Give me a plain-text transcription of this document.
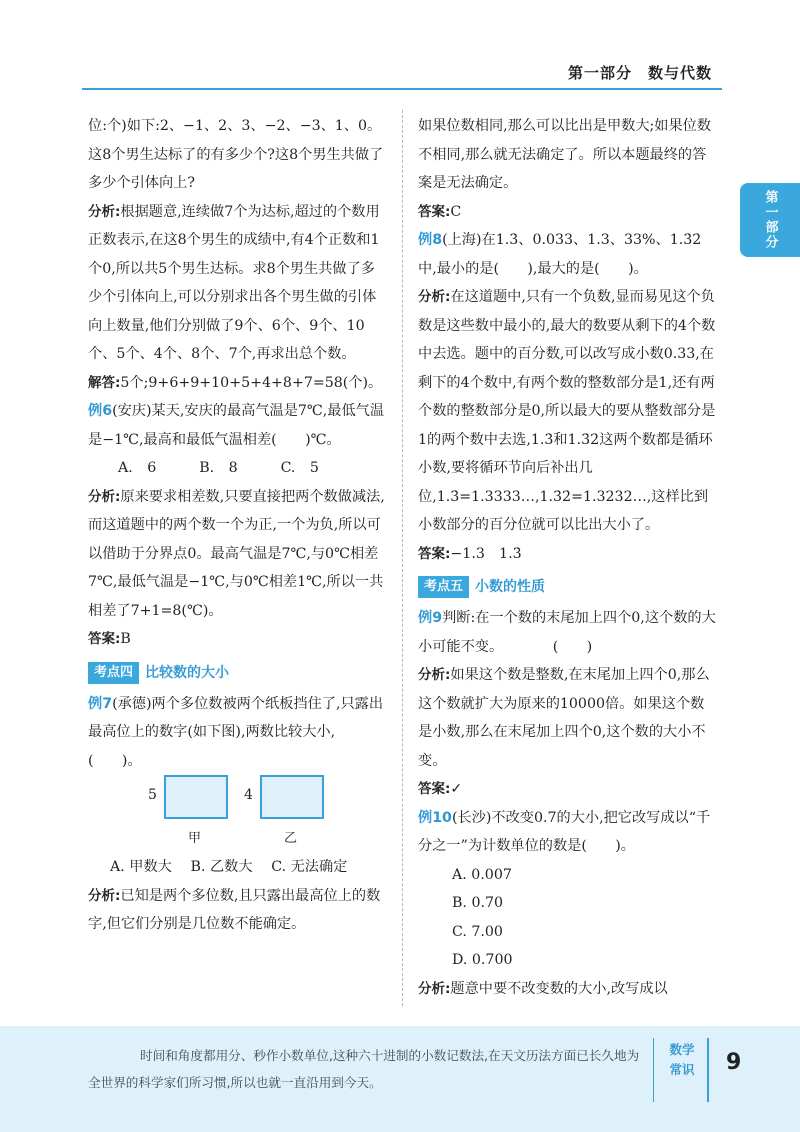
第一部分　数与代数
第一部分

位:个)如下:2、−1、2、3、−2、−3、1、0。这8个男生达标了的有多少个?这8个男生共做了多少个引体向上?

分析:根据题意,连续做7个为达标,超过的个数用正数表示,在这8个男生的成绩中,有4个正数和1个0,所以共5个男生达标。求8个男生共做了多少个引体向上,可以分别求出各个男生做的引体向上数量,他们分别做了9个、6个、9个、10个、5个、4个、8个、7个,再求出总个数。

解答:5个;9+6+9+10+5+4+8+7=58(个)。

例6(安庆)某天,安庆的最高气温是7℃,最低气温是−1℃,最高和最低气温相差(　　)℃。

A. 6　　	B. 8　　	C. 5

分析:原来要求相差数,只要直接把两个数做减法,而这道题中的两个数一个为正,一个为负,所以可以借助于分界点0。最高气温是7℃,与0℃相差7℃,最低气温是−1℃,与0℃相差1℃,所以一共相差了7+1=8(℃)。

答案:B

考点四 比较数的大小

例7(承德)两个多位数被两个纸板挡住了,只露出最高位上的数字(如下图),两数比较大小,(　　)。

5
甲
4
乙

A. 甲数大　 B. 乙数大　 C. 无法确定

分析:已知是两个多位数,且只露出最高位上的数字,但它们分别是几位数不能确定。

如果位数相同,那么可以比出是甲数大;如果位数不相同,那么就无法确定了。所以本题最终的答案是无法确定。

答案:C

例8(上海)在1.3̇、0.033、1.3、33%、1.3̇2̇中,最小的是(　　),最大的是(　　)。

分析:在这道题中,只有一个负数,显而易见这个负数是这些数中最小的,最大的数要从剩下的4个数中去选。题中的百分数,可以改写成小数0.33,在剩下的4个数中,有两个数的整数部分是1,还有两个数的整数部分是0,所以最大的要从整数部分是1的两个数中去选,1.3̇和1.3̇2̇这两个数都是循环小数,要将循环节向后补出几位,1.3̇=1.3333…,1.3̇2̇=1.3232…,这样比到小数部分的百分位就可以比出大小了。

答案:−1.3　1.3̇

考点五 小数的性质

例9判断:在一个数的末尾加上四个0,这个数的大小可能不变。　　　　(　　)

分析:如果这个数是整数,在末尾加上四个0,那么这个数就扩大为原来的10000倍。如果这个数是小数,那么在末尾加上四个0,这个数的大小不变。

答案:✓

例10(长沙)不改变0.7的大小,把它改写成以“千分之一”为计数单位的数是(　　)。

A. 0.007

B. 0.70

C. 7.00

D. 0.700

分析:题意中要不改变数的大小,改写成以

时间和角度都用分、秒作小数单位,这种六十进制的小数记数法,在天文历法方面已长久地为全世界的科学家们所习惯,所以也就一直沿用到今天。
数学常识 9
